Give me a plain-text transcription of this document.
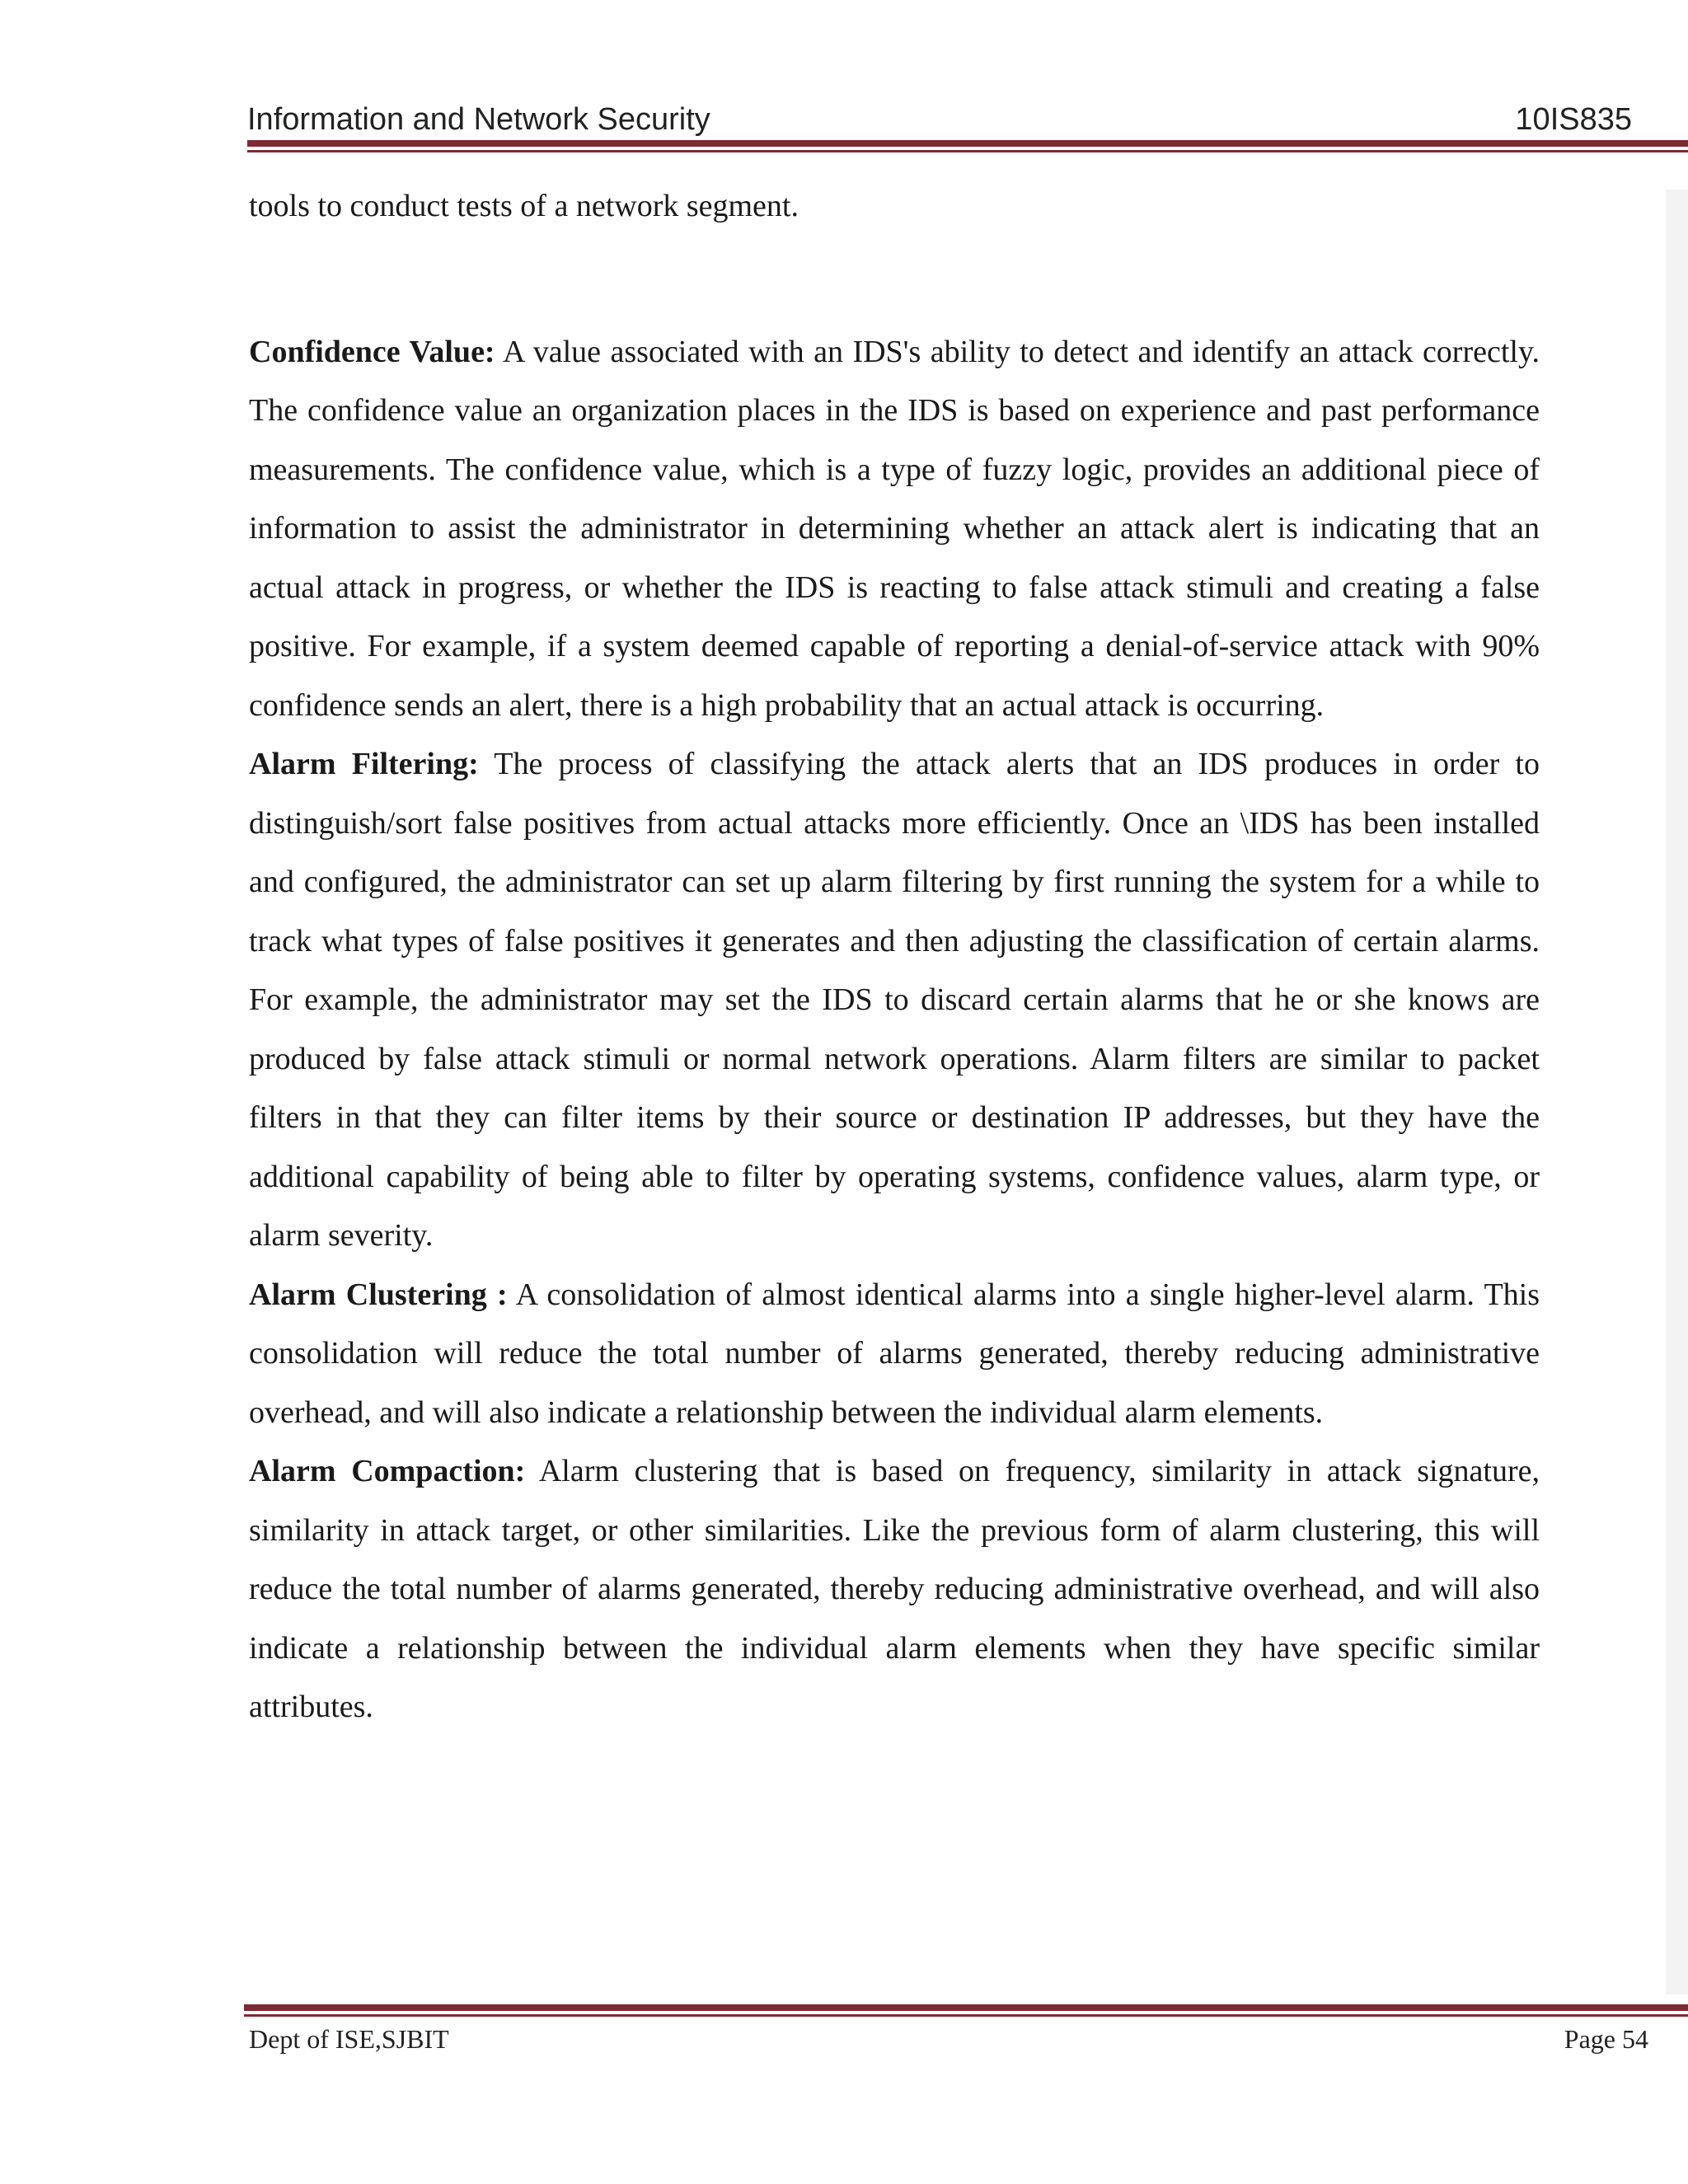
Information and Network Security	10IS835

tools to conduct tests of a network segment.

Confidence Value: A value associated with an IDS's ability to detect and identify an attack correctly. The confidence value an organization places in the IDS is based on experience and past performance measurements. The confidence value, which is a type of fuzzy logic, provides an additional piece of information to assist the administrator in determining whether an attack alert is indicating that an actual attack in progress, or whether the IDS is reacting to false attack stimuli and creating a false positive. For example, if a system deemed capable of reporting a denial-of-service attack with 90% confidence sends an alert, there is a high probability that an actual attack is occurring.

Alarm Filtering: The process of classifying the attack alerts that an IDS produces in order to distinguish/sort false positives from actual attacks more efficiently. Once an \IDS has been installed and configured, the administrator can set up alarm filtering by first running the system for a while to track what types of false positives it generates and then adjusting the classification of certain alarms. For example, the administrator may set the IDS to discard certain alarms that he or she knows are produced by false attack stimuli or normal network operations. Alarm filters are similar to packet filters in that they can filter items by their source or destination IP addresses, but they have the additional capability of being able to filter by operating systems, confidence values, alarm type, or alarm severity.

Alarm Clustering : A consolidation of almost identical alarms into a single higher-level alarm. This consolidation will reduce the total number of alarms generated, thereby reducing administrative overhead, and will also indicate a relationship between the individual alarm elements.

Alarm Compaction: Alarm clustering that is based on frequency, similarity in attack signature, similarity in attack target, or other similarities. Like the previous form of alarm clustering, this will reduce the total number of alarms generated, thereby reducing administrative overhead, and will also indicate a relationship between the individual alarm elements when they have specific similar attributes.

Dept of ISE,SJBIT	Page 54
